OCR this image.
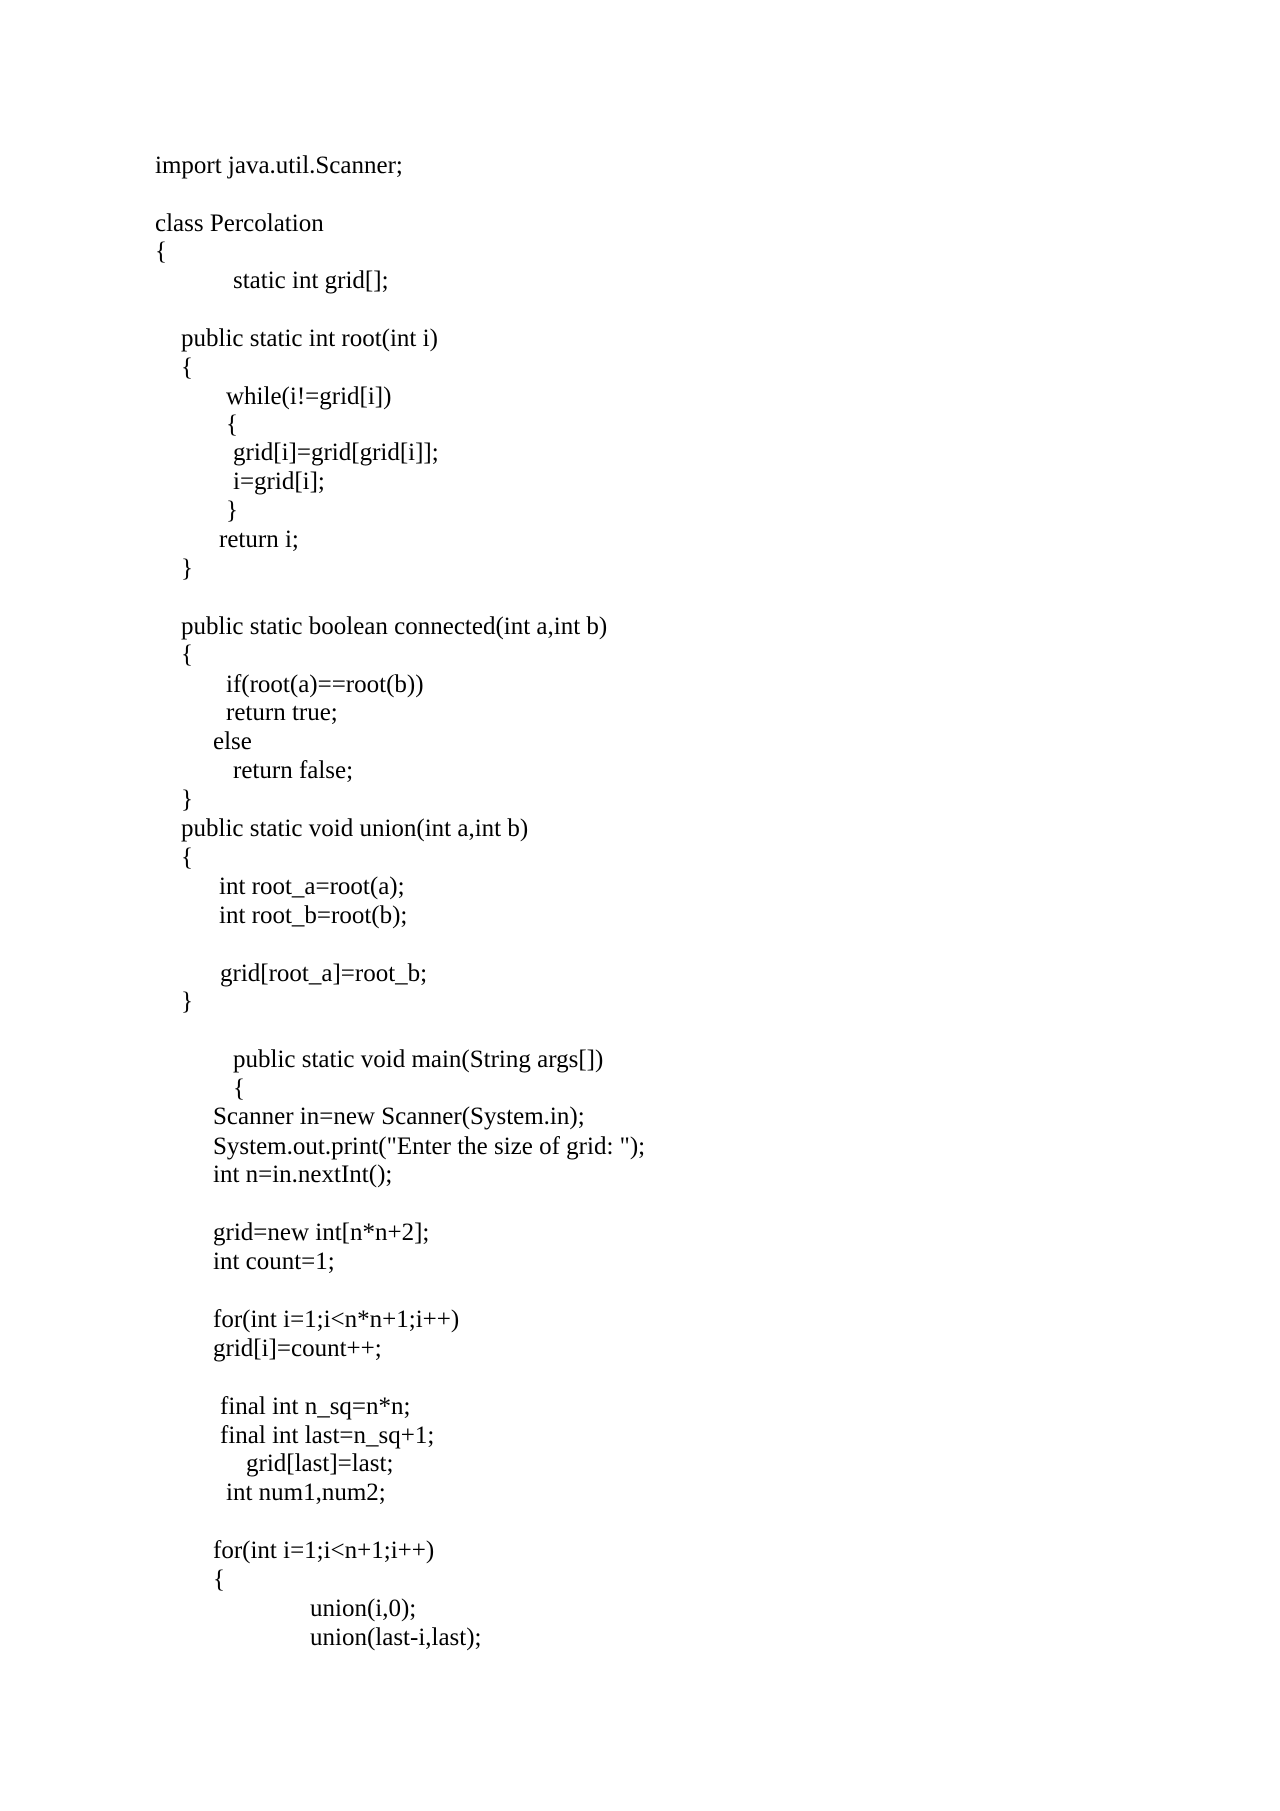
import java.util.Scanner;
class Percolation
{
static int grid[];
public static int root(int i)
{
while(i!=grid[i])
{
grid[i]=grid[grid[i]];
i=grid[i];
}
return i;
}
public static boolean connected(int a,int b)
{
if(root(a)==root(b))
return true;
else
return false;
}
public static void union(int a,int b)
{
int root_a=root(a);
int root_b=root(b);
grid[root_a]=root_b;
}
public static void main(String args[])
{
Scanner in=new Scanner(System.in);
System.out.print("Enter the size of grid: ");
int n=in.nextInt();
grid=new int[n*n+2];
int count=1;
for(int i=1;i<n*n+1;i++)
grid[i]=count++;
final int n_sq=n*n;
final int last=n_sq+1;
grid[last]=last;
int num1,num2;
for(int i=1;i<n+1;i++)
{
union(i,0);
union(last-i,last);
